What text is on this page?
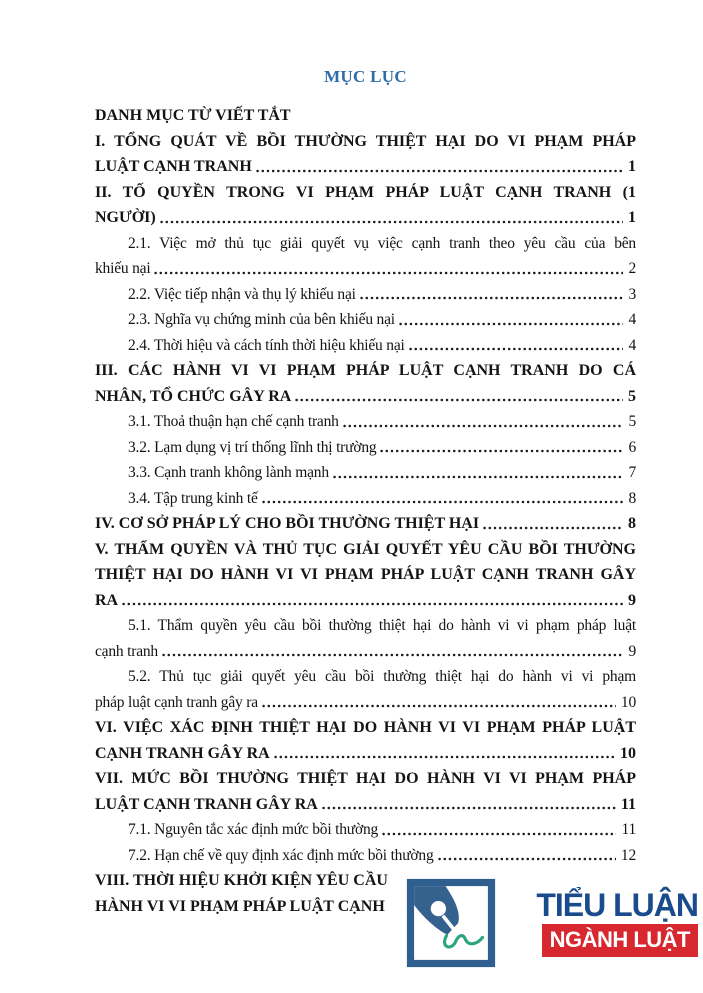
MỤC LỤC
DANH MỤC TỪ VIẾT TẮT
I. TỔNG QUÁT VỀ BỒI THƯỜNG THIỆT HẠI DO VI PHẠM PHÁP
LUẬT CẠNH TRANH	1
II. TỐ QUYỀN TRONG VI PHẠM PHÁP LUẬT CẠNH TRANH (1
NGƯỜI)	1
2.1. Việc mở thủ tục giải quyết vụ việc cạnh tranh theo yêu cầu của bên
khiếu nại	2
2.2. Việc tiếp nhận và thụ lý khiếu nại	3
2.3. Nghĩa vụ chứng minh của bên khiếu nại	4
2.4. Thời hiệu và cách tính thời hiệu khiếu nại	4
III. CÁC HÀNH VI VI PHẠM PHÁP LUẬT CẠNH TRANH DO CÁ
NHÂN, TỔ CHỨC GÂY RA	5
3.1. Thoả thuận hạn chế cạnh tranh	5
3.2. Lạm dụng vị trí thống lĩnh thị trường	6
3.3. Cạnh tranh không lành mạnh	7
3.4. Tập trung kinh tế	8
IV. CƠ SỞ PHÁP LÝ CHO BỒI THƯỜNG THIỆT HẠI	8
V. THẨM QUYỀN VÀ THỦ TỤC GIẢI QUYẾT YÊU CẦU BỒI THƯỜNG
THIỆT HẠI DO HÀNH VI VI PHẠM PHÁP LUẬT CẠNH TRANH GÂY
RA	9
5.1. Thẩm quyền yêu cầu bồi thường thiệt hại do hành vi vi phạm pháp luật
cạnh tranh	9
5.2. Thủ tục giải quyết yêu cầu bồi thường thiệt hại do hành vi vi phạm
pháp luật cạnh tranh gây ra	10
VI. VIỆC XÁC ĐỊNH THIỆT HẠI DO HÀNH VI VI PHẠM PHÁP LUẬT
CẠNH TRANH GÂY RA	10
VII. MỨC BỒI THƯỜNG THIỆT HẠI DO HÀNH VI VI PHẠM PHÁP
LUẬT CẠNH TRANH GÂY RA	11
7.1. Nguyên tắc xác định mức bồi thường	11
7.2. Hạn chế về quy định xác định mức bồi thường	12
VIII. THỜI HIỆU KHỞI KIỆN YÊU CẦU
HÀNH VI VI PHẠM PHÁP LUẬT CẠNH	TIỂU LUẬN
NGÀNH LUẬT
